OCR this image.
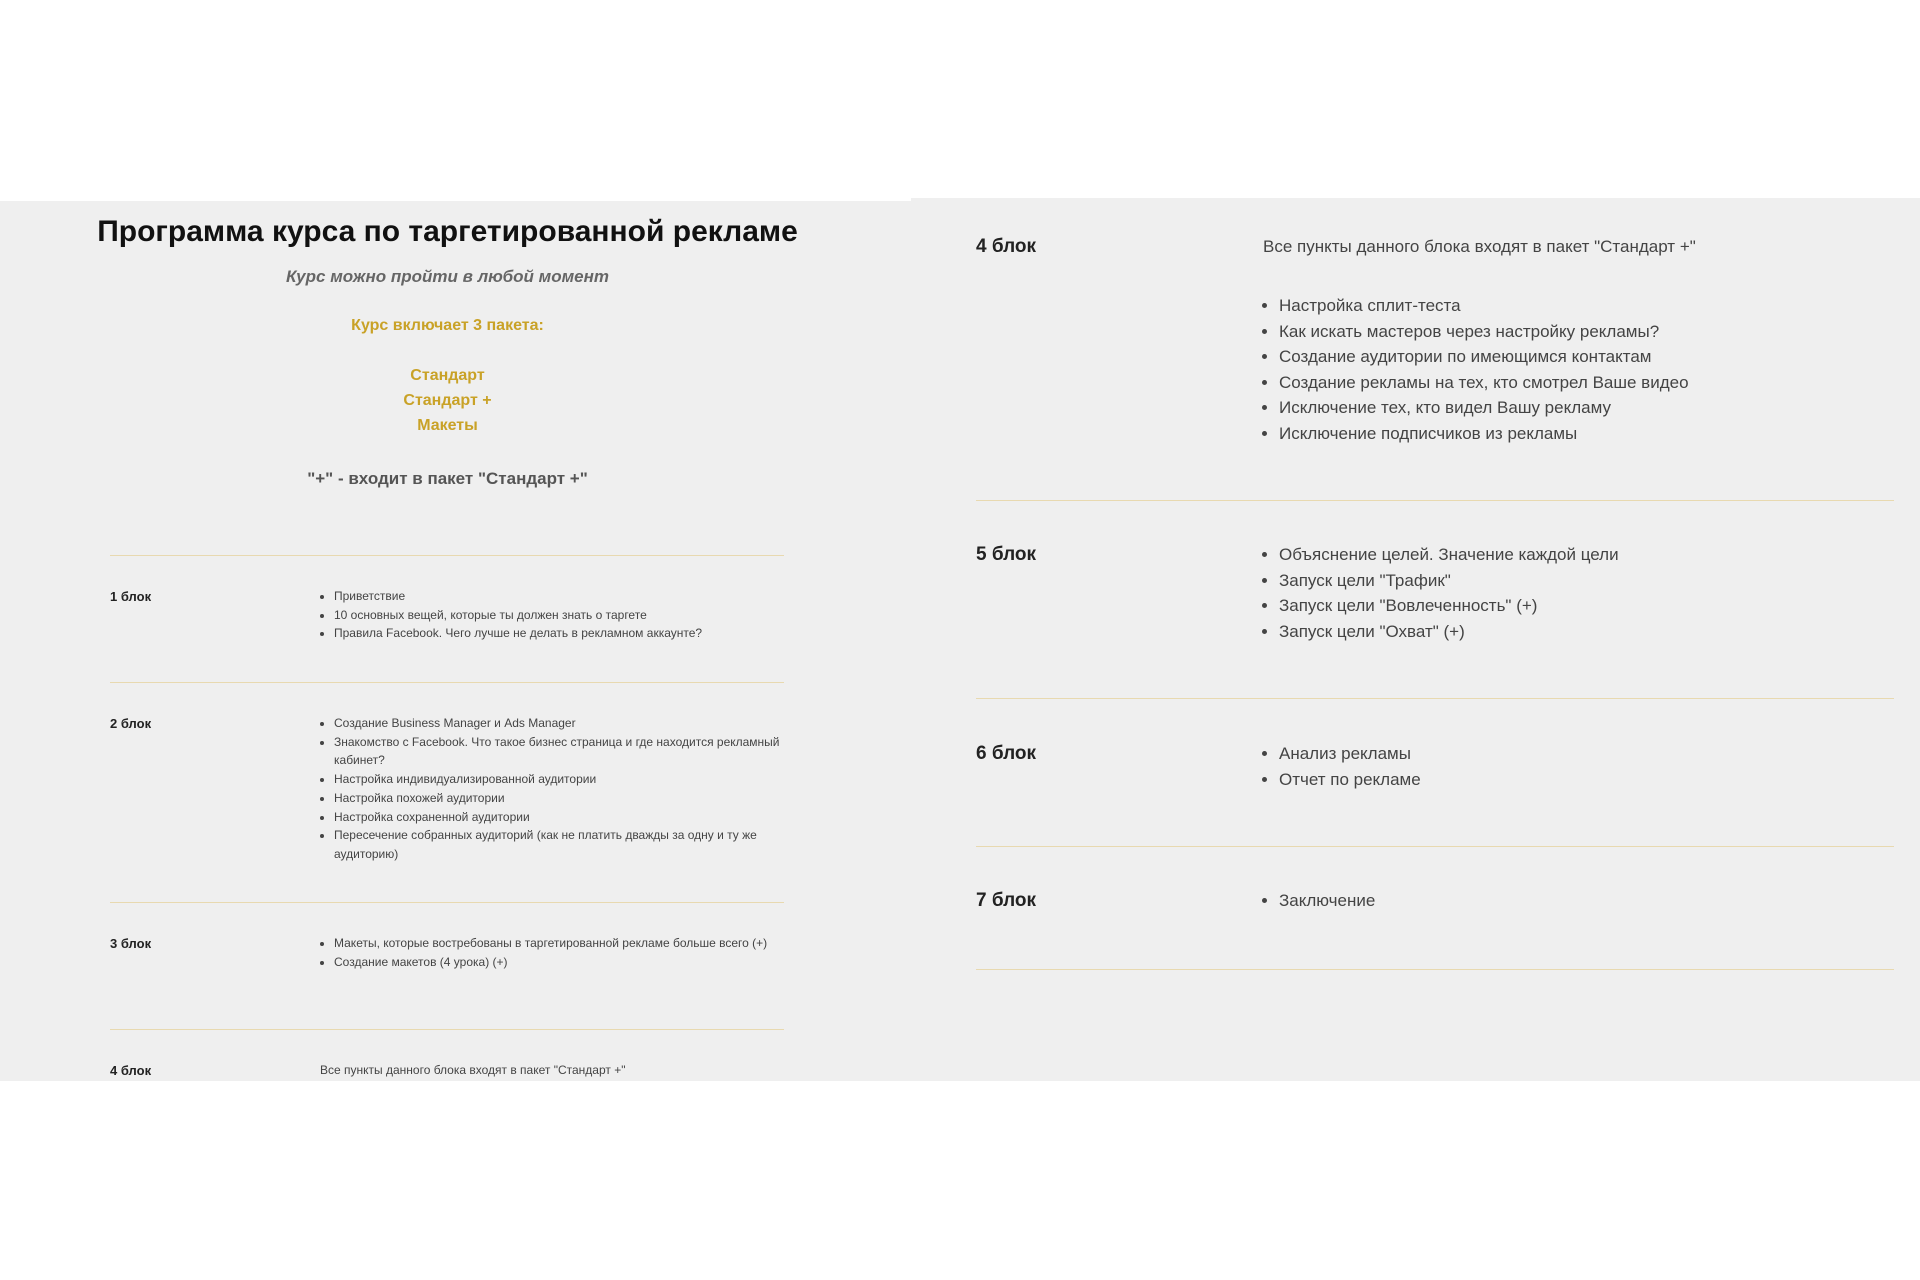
Программа курса по таргетированной рекламе
Курс можно пройти в любой момент
Курс включает 3 пакета:
Стандарт
Стандарт +
Макеты
"+" - входит в пакет "Стандарт +"
1 блок	• Приветствие
• 10 основных вещей, которые ты должен знать о таргете
• Правила Facebook. Чего лучше не делать в рекламном аккаунте?
2 блок	• Создание Business Manager и Ads Manager
• Знакомство с Facebook. Что такое бизнес страница и где находится рекламный кабинет?
• Настройка индивидуализированной аудитории
• Настройка похожей аудитории
• Настройка сохраненной аудитории
• Пересечение собранных аудиторий (как не платить дважды за одну и ту же аудиторию)
3 блок	• Макеты, которые востребованы в таргетированной рекламе больше всего (+)
• Создание макетов (4 урока) (+)
4 блок	Все пункты данного блока входят в пакет "Стандарт +"
4 блок	Все пункты данного блока входят в пакет "Стандарт +"
• Настройка сплит-теста
• Как искать мастеров через настройку рекламы?
• Создание аудитории по имеющимся контактам
• Создание рекламы на тех, кто смотрел Ваше видео
• Исключение тех, кто видел Вашу рекламу
• Исключение подписчиков из рекламы
5 блок	• Объяснение целей. Значение каждой цели
• Запуск цели "Трафик"
• Запуск цели "Вовлеченность" (+)
• Запуск цели "Охват" (+)
6 блок	• Анализ рекламы
• Отчет по рекламе
7 блок	• Заключение
